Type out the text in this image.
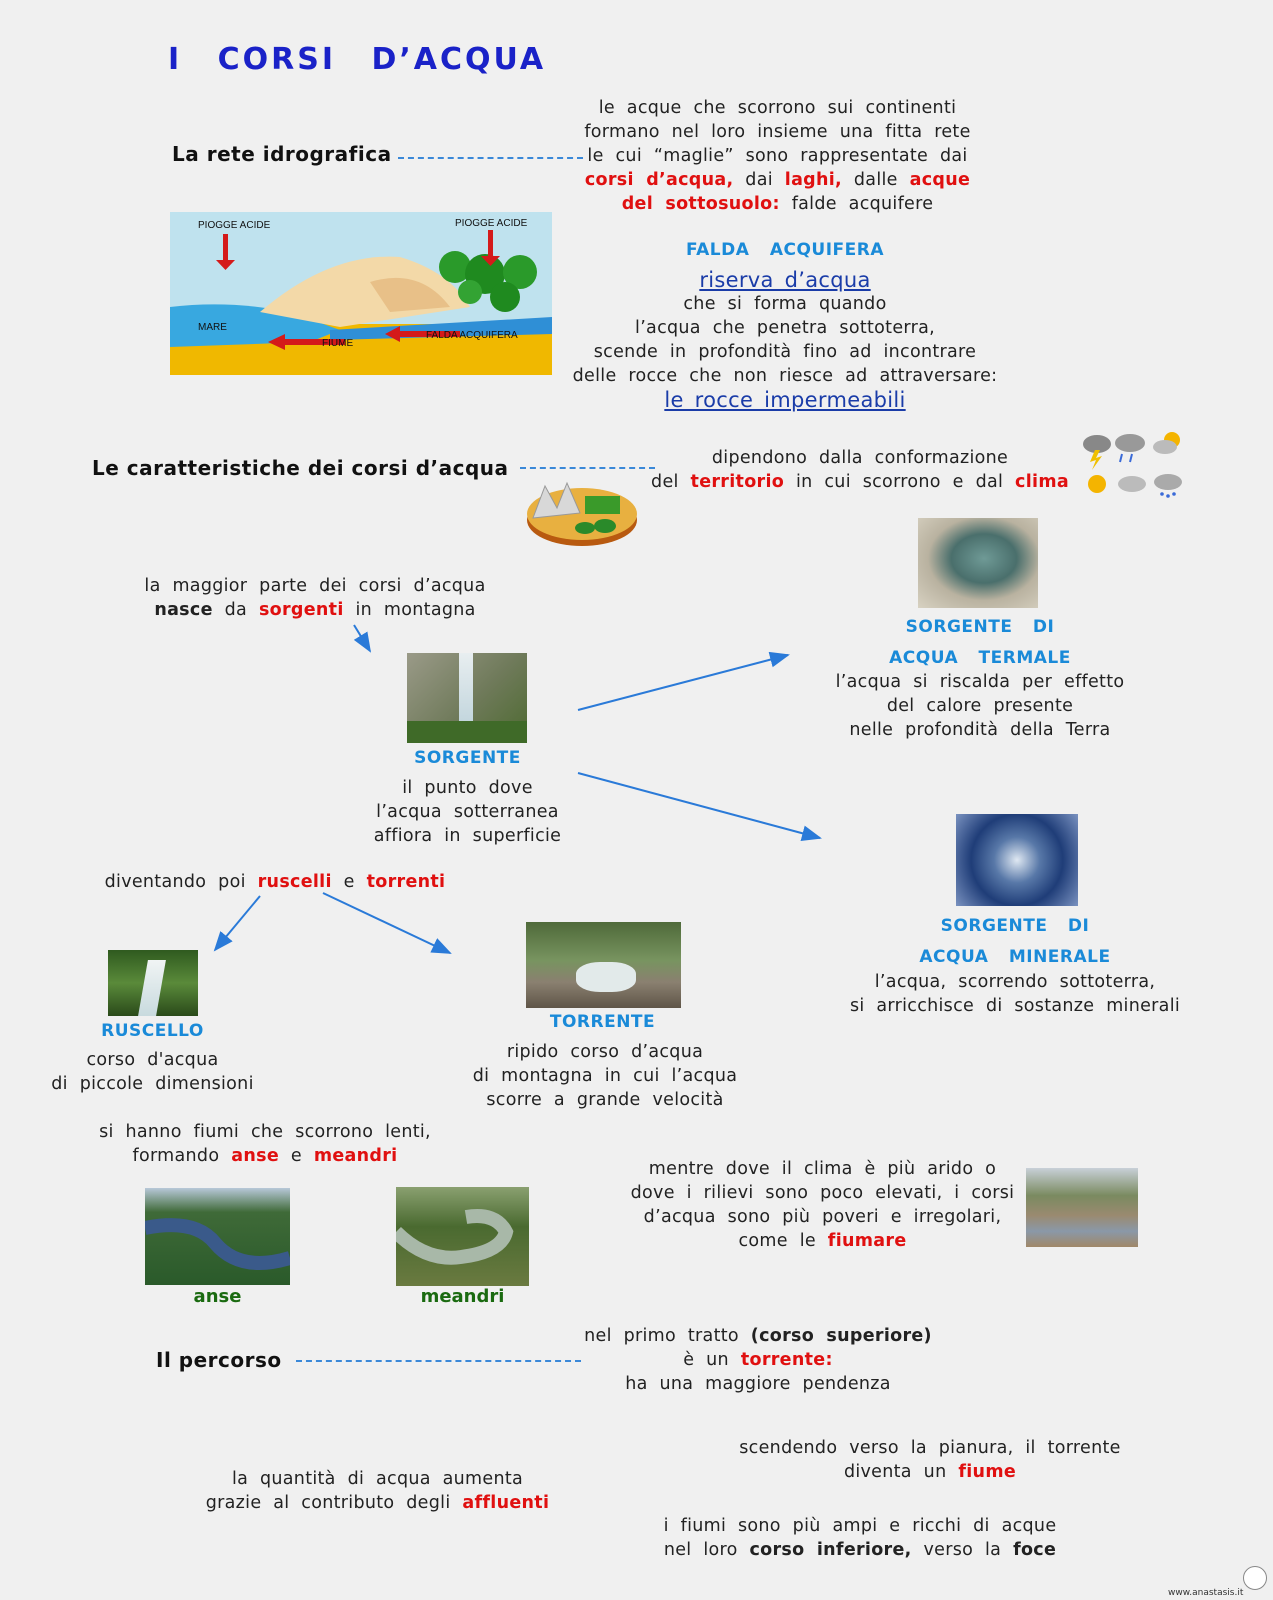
I CORSI D’ACQUA
La rete idrografica
le acque che scorrono sui continenti
formano nel loro insieme una fitta rete
le cui “maglie” sono rappresentate dai
corsi d’acqua, dai laghi, dalle acque
del sottosuolo: falde acquifere
PIOGGE ACIDE	PIOGGE ACIDE
MARE
FIUME
FALDA ACQUIFERA
FALDA ACQUIFERA
riserva d’acqua
che si forma quando
l’acqua che penetra sottoterra,
scende in profondità fino ad incontrare
delle rocce che non riesce ad attraversare:
le rocce impermeabili
Le caratteristiche dei corsi d’acqua	dipendono dalla conformazione
del territorio in cui scorrono e dal clima
la maggior parte dei corsi d’acqua
nasce da sorgenti in montagna
SORGENTE
il punto dove
l’acqua sotterranea
affiora in superficie
SORGENTE DI
ACQUA TERMALE
l’acqua si riscalda per effetto
del calore presente
nelle profondità della Terra
SORGENTE DI
ACQUA MINERALE
l’acqua, scorrendo sottoterra,
si arricchisce di sostanze minerali
diventando poi ruscelli e torrenti
RUSCELLO
corso d'acqua
di piccole dimensioni
TORRENTE
ripido corso d’acqua
di montagna in cui l’acqua
scorre a grande velocità
si hanno fiumi che scorrono lenti,
formando anse e meandri
anse	meandri
mentre dove il clima è più arido o
dove i rilievi sono poco elevati, i corsi
d’acqua sono più poveri e irregolari,
come le fiumare
Il percorso
nel primo tratto (corso superiore)
è un torrente:
ha una maggiore pendenza
scendendo verso la pianura, il torrente
diventa un fiume
la quantità di acqua aumenta
grazie al contributo degli affluenti
i fiumi sono più ampi e ricchi di acque
nel loro corso inferiore, verso la foce
www.anastasis.it
